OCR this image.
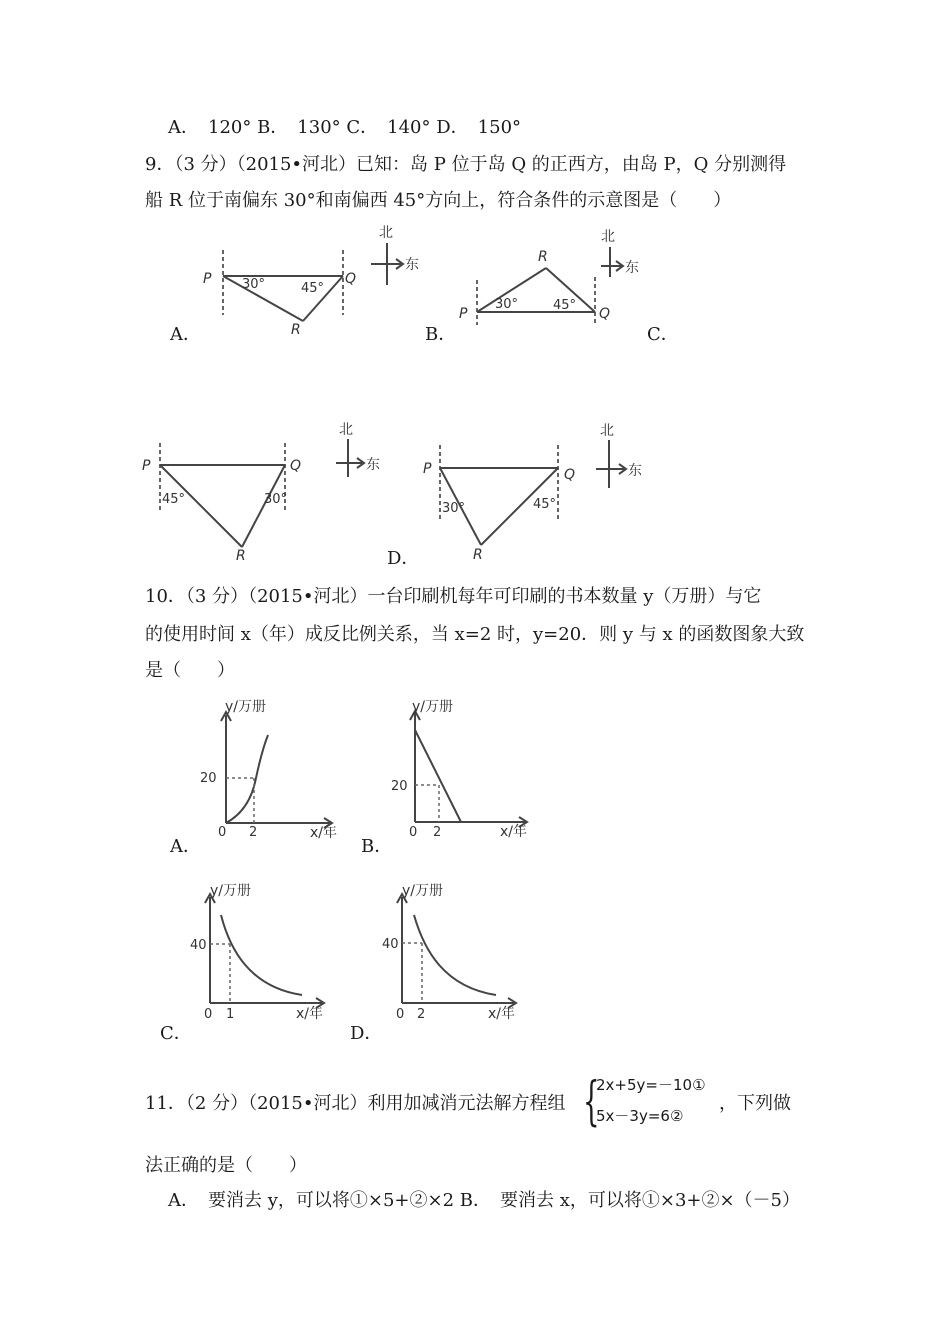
A．　120° B．　130° C．　140° D．　150°
9．（3 分）（2015•河北）已知：岛 P 位于岛 Q 的正西方，由岛 P，Q 分别测得
船 R 位于南偏东 30°和南偏西 45°方向上，符合条件的示意图是（　　）
P	Q
R
30°	45°
北
东
A．
P	Q
R
30°	45°
北
东
B．	C．
P	Q
R
45°	30°
北
东	P	Q
R
30°	45°
北
东
D．
10．（3 分）（2015•河北）一台印刷机每年可印刷的书本数量 y（万册）与它
的使用时间 x（年）成反比例关系，当 x=2 时，y=20．则 y 与 x 的函数图象大致
是（　　）
y/万册
x/年
20
0 2
A．
y/万册
x/年
20
0 2
B．
y/万册
x/年
40
0 1
C．
y/万册
x/年
40
0 2
D．
11．（2 分）（2015•河北）利用加减消元法解方程组 {
2x+5y=－10①
5x－3y=6②
，下列做
法正确的是（　　）
A．　要消去 y，可以将①×5+②×2 B．　要消去 x，可以将①×3+②×（－5）
